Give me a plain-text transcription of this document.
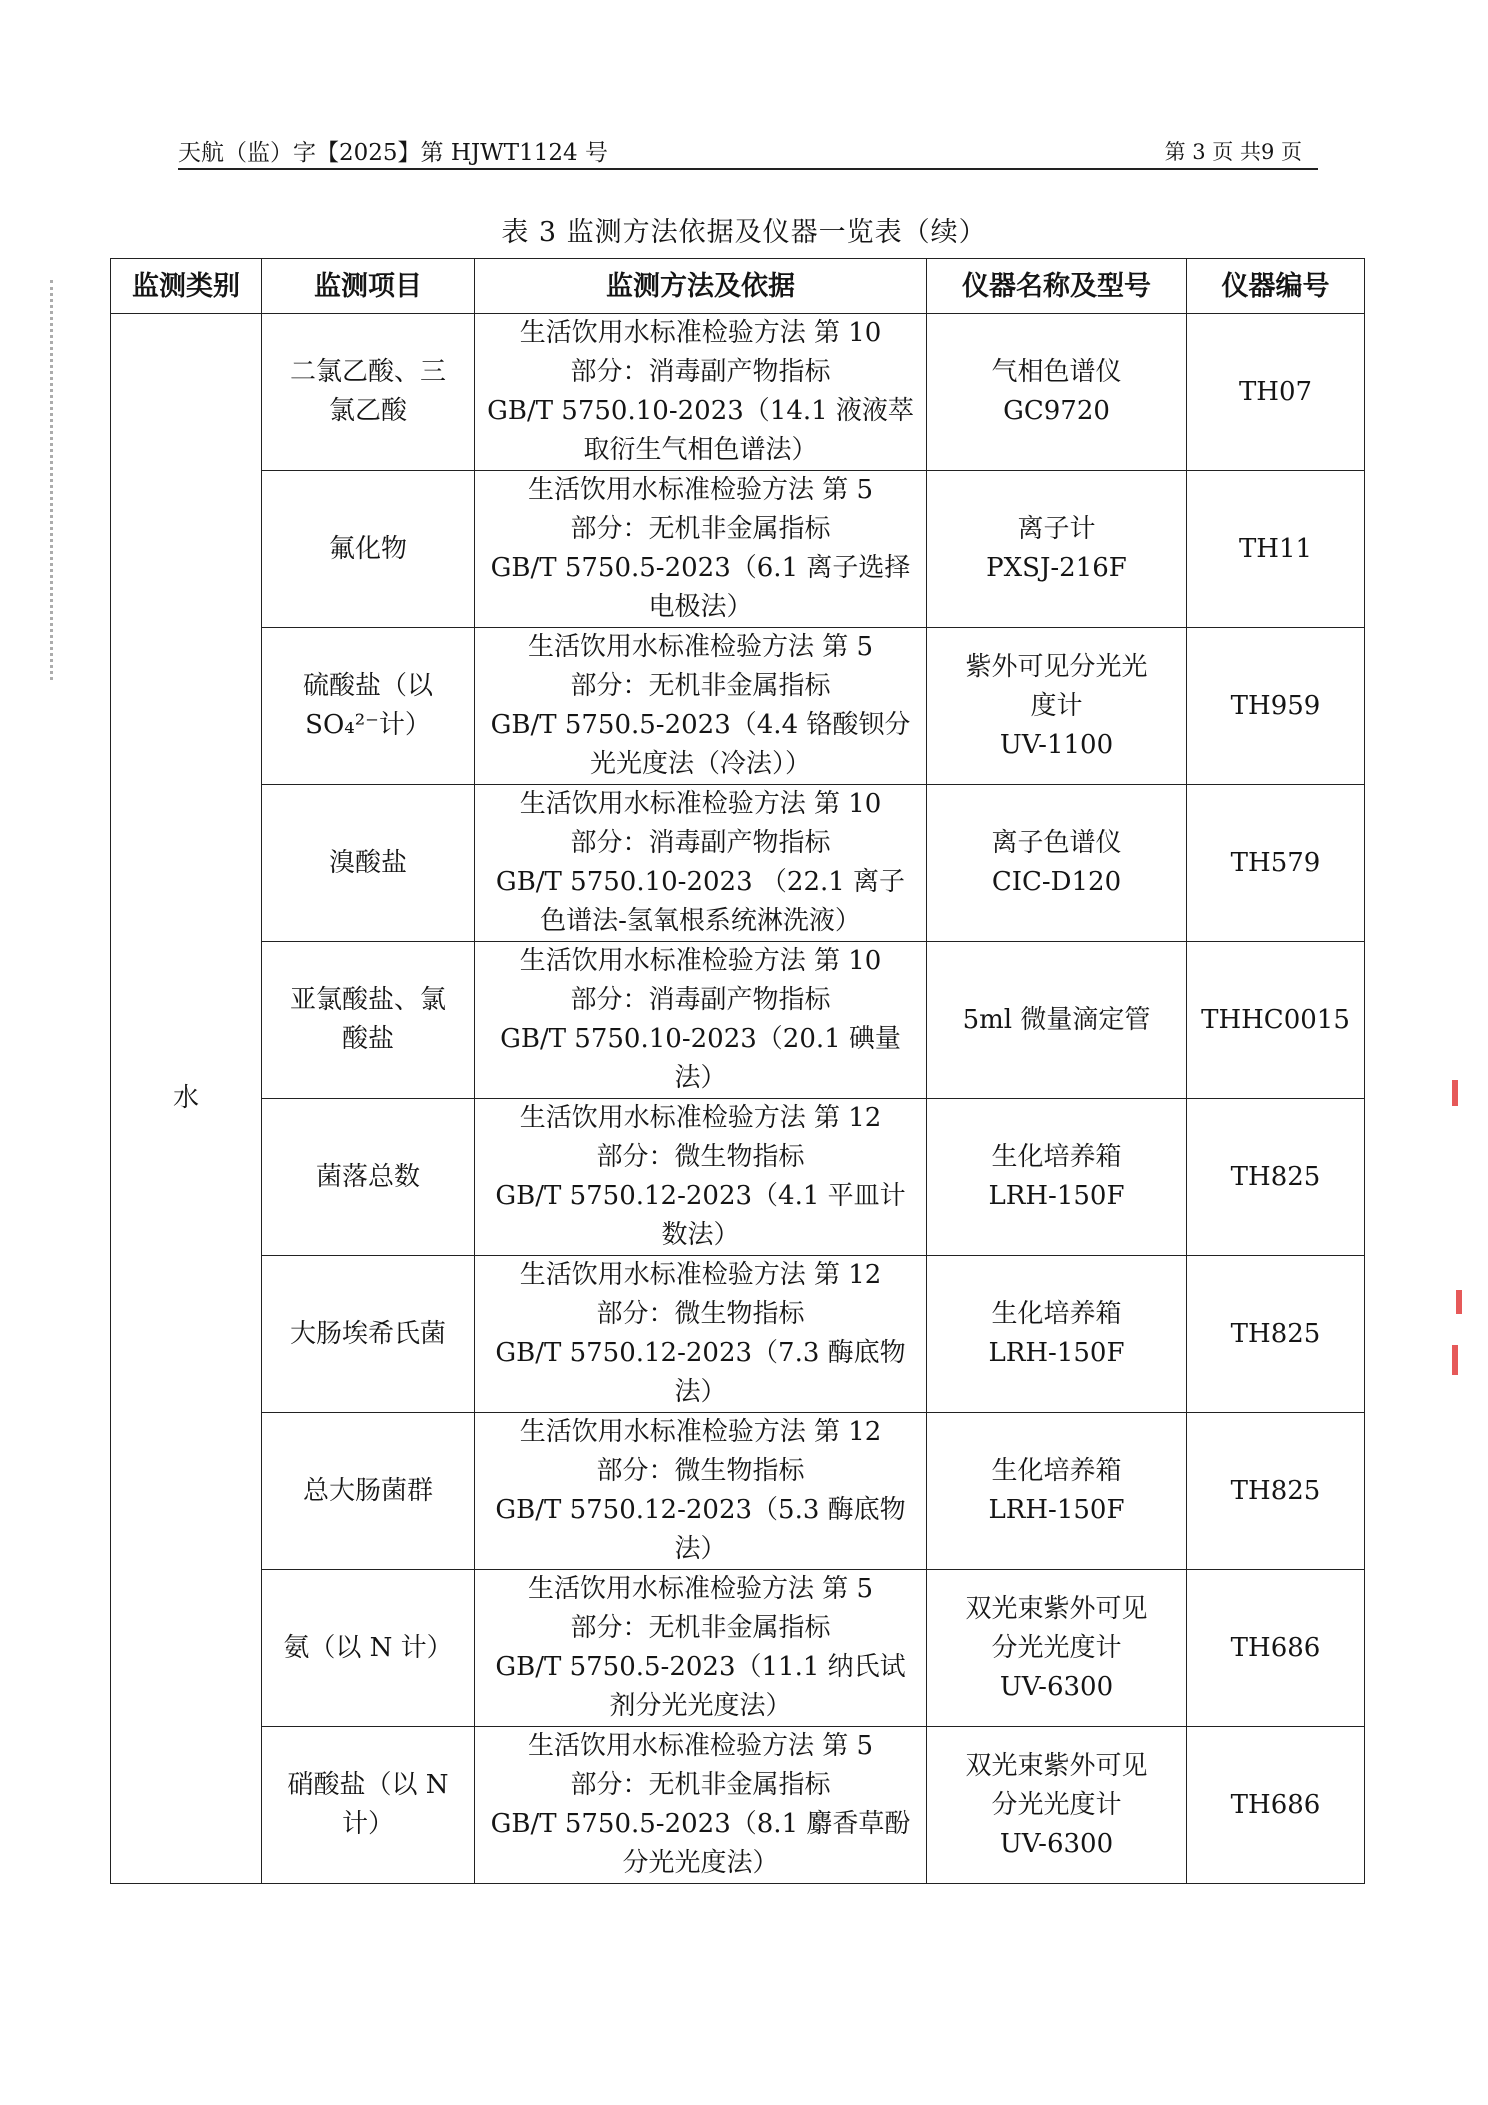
天航（监）字【2025】第 HJWT1124 号	第 3 页 共9 页
表 3 监测方法依据及仪器一览表（续）
监测类别	监测项目	监测方法及依据	仪器名称及型号	仪器编号
水	二氯乙酸、三
氯乙酸	生活饮用水标准检验方法 第 10
部分：消毒副产物指标
GB/T 5750.10-2023（14.1 液液萃
取衍生气相色谱法）	气相色谱仪
GC9720	TH07
	氟化物	生活饮用水标准检验方法 第 5
部分：无机非金属指标
GB/T 5750.5-2023（6.1 离子选择
电极法）	离子计
PXSJ-216F	TH11
	硫酸盐（以
SO₄²⁻计）	生活饮用水标准检验方法 第 5
部分：无机非金属指标
GB/T 5750.5-2023（4.4 铬酸钡分
光光度法（冷法））	紫外可见分光光
度计
UV-1100	TH959
	溴酸盐	生活饮用水标准检验方法 第 10
部分：消毒副产物指标
GB/T 5750.10-2023 （22.1 离子
色谱法-氢氧根系统淋洗液）	离子色谱仪
CIC-D120	TH579
	亚氯酸盐、氯
酸盐	生活饮用水标准检验方法 第 10
部分：消毒副产物指标
GB/T 5750.10-2023（20.1 碘量
法）	5ml 微量滴定管	THHC0015
	菌落总数	生活饮用水标准检验方法 第 12
部分：微生物指标
GB/T 5750.12-2023（4.1 平皿计
数法）	生化培养箱
LRH-150F	TH825
	大肠埃希氏菌	生活饮用水标准检验方法 第 12
部分：微生物指标
GB/T 5750.12-2023（7.3 酶底物
法）	生化培养箱
LRH-150F	TH825
	总大肠菌群	生活饮用水标准检验方法 第 12
部分：微生物指标
GB/T 5750.12-2023（5.3 酶底物
法）	生化培养箱
LRH-150F	TH825
	氨（以 N 计）	生活饮用水标准检验方法 第 5
部分：无机非金属指标
GB/T 5750.5-2023（11.1 纳氏试
剂分光光度法）	双光束紫外可见
分光光度计
UV-6300	TH686
	硝酸盐（以 N
计）	生活饮用水标准检验方法 第 5
部分：无机非金属指标
GB/T 5750.5-2023（8.1 麝香草酚
分光光度法）	双光束紫外可见
分光光度计
UV-6300	TH686
